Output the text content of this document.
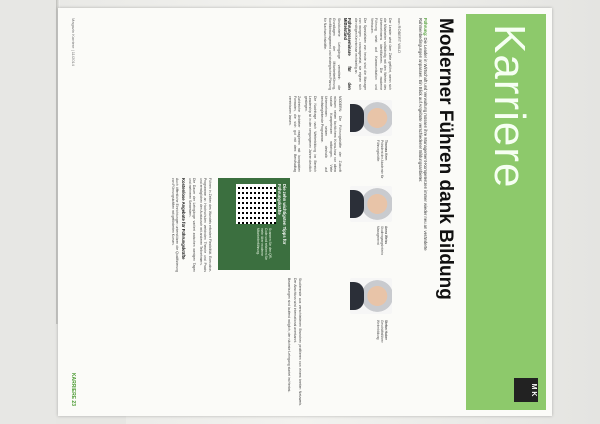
Karriere
M K
Moderner Führen dank Bildung
Führung: Die Leader in Wirtschaft und Verwaltung müssen ihre Management-Kompetenzen immer wieder neu an veränderte Rahmenbedingungen anpassen. Ein Blick auf Angebote verschiedener Bildungsanbieter.
von ROBERT WILD

Der Leader wird über Ziele geführt, wenn sich die Mitarbeiter vollständig mit den Werten des Unternehmens identifizieren. Die moderne Führung setzt auf Kommunikation und Vertrauen.

Die Spezialisten von heute sind die Manager von morgen – vorausgesetzt, sie eignen sich die nötigen Kenntnisse rechtzeitig an.

Führungsseminare für den Mittelstand

Strukturierte Lehrgänge vermitteln die Grundlagen der Mitarbeiterführung, Konfliktmanagement und strategischen Planung für Nachwuchskräfte.

MODERN: Die Führungskräfte der Zukunft müssen neben fachlichem Know-how vor allem soziale Kompetenzen mitbringen. Viele Unternehmen setzen deshalb auf berufsbegleitende Programme.

Die Nachfrage nach Weiterbildung im Bereich Leadership ist in den vergangenen Jahren deutlich gestiegen.

Zahlreiche Anbieter reagieren mit kompakten Formaten, die sich gut mit dem Berufsalltag vereinbaren lassen.

Führen in Zeiten des Wandels erfordert Flexibilität. Executive-Programme an Hochschulen verbinden Theorie und Praxis und ermöglichen den Austausch mit anderen Teilnehmern.

Die Dauer der Lehrgänge variiert zwischen wenigen Tagen und mehreren Semestern.

Kostenlose Angebote für Führungskräfte

Auch öffentliche Einrichtungen unterstützen die Qualifizierung von Führungskräften mit geförderten Kursen.

Studierende aus verschiedenen Branchen profitieren von einem breiten Netzwerk. Der Abschluss wird international anerkannt.

Bewerbungen sind laufend möglich, der nächste Lehrgang startet im Herbst.

Thomas Kern
Präsident der Akademie für Führungskräfte
Anna Weiss
Studiengangsleiterin Management
Stefan Huber
Geschäftsführer Weiterbildung
Die zehn wichtigsten Tipps für Führungskräfte
Scannen Sie den QR-Code und erfahren Sie mehr über moderne Mitarbeiterführung.
Magazin Karriere | 11/2014
KARRIERE 23
